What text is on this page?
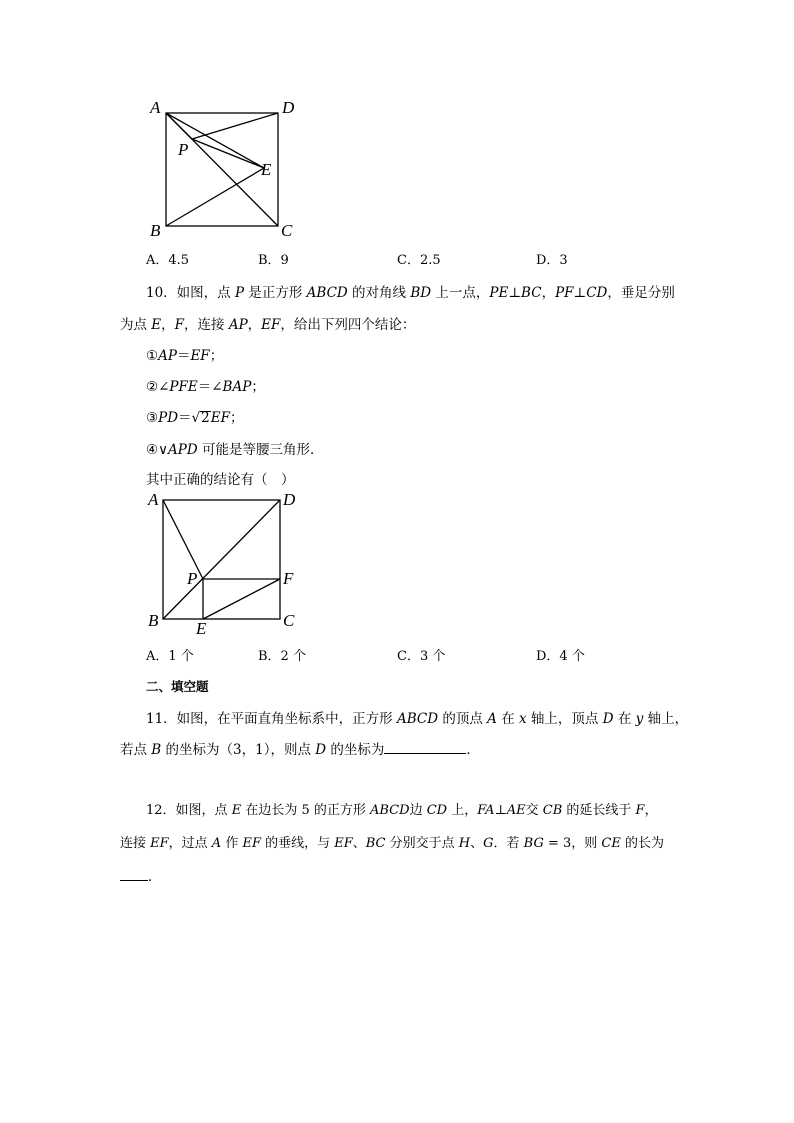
A	D
P
E
B	C
A．4.5	B．9	C．2.5	D．3
10．如图，点 P 是正方形 ABCD 的对角线 BD 上一点，PE⊥BC，PF⊥CD，垂足分别
为点 E，F，连接 AP，EF，给出下列四个结论：
①AP＝EF；
②∠PFE＝∠BAP；
③PD＝√2EF；
④∨APD 可能是等腰三角形．
其中正确的结论有（　）
A	D
P	F
B E	C
A．1 个	B．2 个	C．3 个	D．4 个
二、填空题
11．如图，在平面直角坐标系中，正方形 ABCD 的顶点 A 在 x 轴上，顶点 D 在 y 轴上，
若点 B 的坐标为（3，1），则点 D 的坐标为	．
12．如图，点 E 在边长为 5 的正方形 ABCD边 CD 上，FA⊥AE交 CB 的延长线于 F，
连接 EF，过点 A 作 EF 的垂线，与 EF、BC 分别交于点 H、G．若 BG = 3，则 CE 的长为
．
